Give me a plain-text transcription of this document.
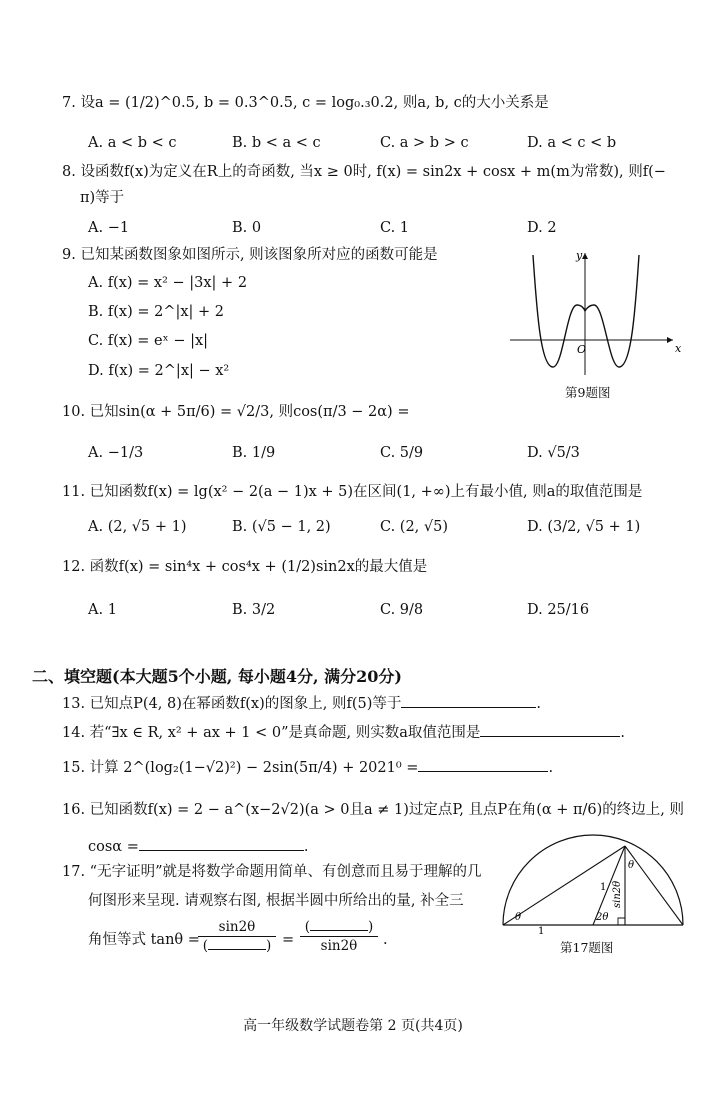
7. 设a = (1/2)^0.5, b = 0.3^0.5, c = log₀.₃0.2, 则a, b, c的大小关系是
A. a < b < c	B. b < a < c	C. a > b > c	D. a < c < b
8. 设函数f(x)为定义在R上的奇函数, 当x ≥ 0时, f(x) = sin2x + cosx + m(m为常数), 则f(−
π)等于
A. −1	B. 0	C. 1	D. 2
9. 已知某函数图象如图所示, 则该图象所对应的函数可能是
A. f(x) = x² − |3x| + 2
B. f(x) = 2^|x| + 2
C. f(x) = eˣ − |x|
D. f(x) = 2^|x| − x²
x
y
O
第9题图
10. 已知sin(α + 5π/6) = √2/3, 则cos(π/3 − 2α) =
A. −1/3	B. 1/9	C. 5/9	D. √5/3
11. 已知函数f(x) = lg(x² − 2(a − 1)x + 5)在区间(1, +∞)上有最小值, 则a的取值范围是
A. (2, √5 + 1)	B. (√5 − 1, 2)	C. (2, √5)	D. (3/2, √5 + 1)
12. 函数f(x) = sin⁴x + cos⁴x + (1/2)sin2x的最大值是
A. 1	B. 3/2	C. 9/8	D. 25/16
二、填空题(本大题5个小题, 每小题4分, 满分20分)
13. 已知点P(4, 8)在幂函数f(x)的图象上, 则f(5)等于	.
14. 若“∃x ∈ R, x² + ax + 1 < 0”是真命题, 则实数a取值范围是	.
15. 计算 2^(log₂(1−√2)²) − 2sin(5π/4) + 2021⁰ =	.
16. 已知函数f(x) = 2 − a^(x−2√2)(a > 0且a ≠ 1)过定点P, 且点P在角(α + π/6)的终边上, 则
cosα =	.
17. “无字证明”就是将数学命题用简单、有创意而且易于理解的几
何图形来呈现. 请观察右图, 根据半圆中所给出的量, 补全三
角恒等式 tanθ =
sin2θ
(	) =
(	)
sin2θ	.
θ	2θ
θ
1
1
sin2θ
第17题图
高一年级数学试题卷第 2 页(共4页)
